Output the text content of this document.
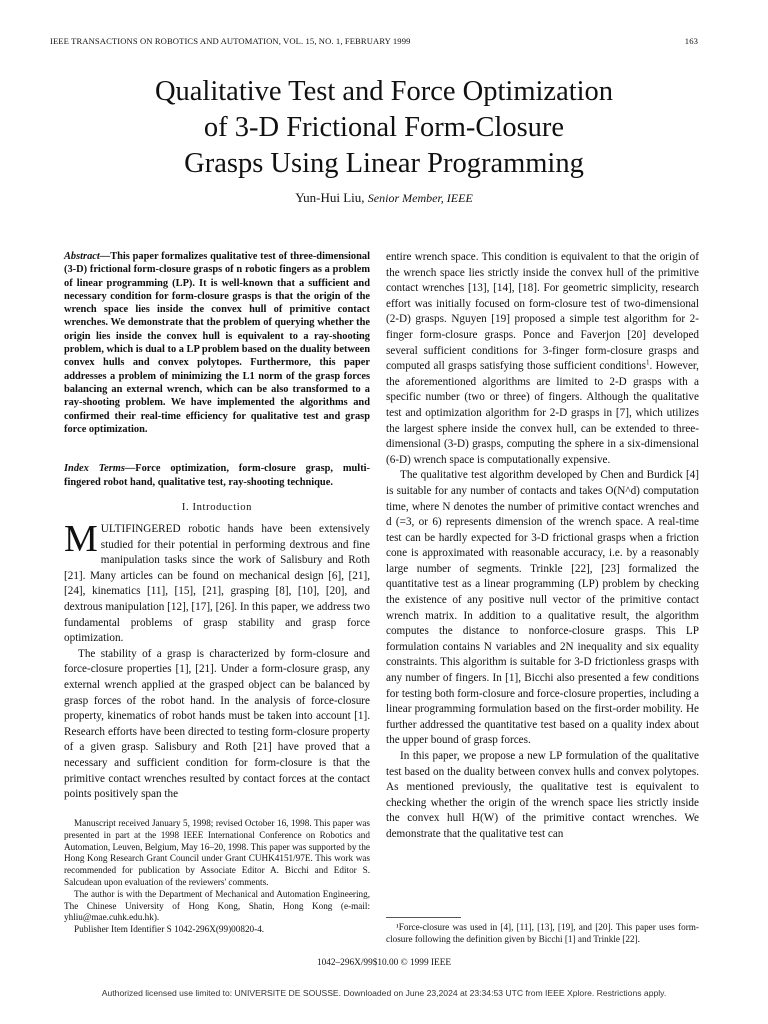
IEEE TRANSACTIONS ON ROBOTICS AND AUTOMATION, VOL. 15, NO. 1, FEBRUARY 1999	163
Qualitative Test and Force Optimization
of 3-D Frictional Form-Closure
Grasps Using Linear Programming
Yun-Hui Liu, Senior Member, IEEE

Abstract—This paper formalizes qualitative test of three-dimensional (3-D) frictional form-closure grasps of n robotic fingers as a problem of linear programming (LP). It is well-known that a sufficient and necessary condition for form-closure grasps is that the origin of the wrench space lies inside the convex hull of primitive contact wrenches. We demonstrate that the problem of querying whether the origin lies inside the convex hull is equivalent to a ray-shooting problem, which is dual to a LP problem based on the duality between convex hulls and convex polytopes. Furthermore, this paper addresses a problem of minimizing the L1 norm of the grasp forces balancing an external wrench, which can be also transformed to a ray-shooting problem. We have implemented the algorithms and confirmed their real-time efficiency for qualitative test and grasp force optimization.

Index Terms—Force optimization, form-closure grasp, multi-fingered robot hand, qualitative test, ray-shooting technique.

I. Introduction

MULTIFINGERED robotic hands have been extensively studied for their potential in performing dextrous and fine manipulation tasks since the work of Salisbury and Roth [21]. Many articles can be found on mechanical design [6], [21], [24], kinematics [11], [15], [21], grasping [8], [10], [20], and dextrous manipulation [12], [17], [26]. In this paper, we address two fundamental problems of grasp stability and grasp force optimization.

The stability of a grasp is characterized by form-closure and force-closure properties [1], [21]. Under a form-closure grasp, any external wrench applied at the grasped object can be balanced by grasp forces of the robot hand. In the analysis of force-closure property, kinematics of robot hands must be taken into account [1]. Research efforts have been directed to testing form-closure property of a given grasp. Salisbury and Roth [21] have proved that a necessary and sufficient condition for form-closure is that the primitive contact wrenches resulted by contact forces at the contact points positively span the

Manuscript received January 5, 1998; revised October 16, 1998. This paper was presented in part at the 1998 IEEE International Conference on Robotics and Automation, Leuven, Belgium, May 16–20, 1998. This paper was supported by the Hong Kong Research Grant Council under Grant CUHK4151/97E. This work was recommended for publication by Associate Editor A. Bicchi and Editor S. Salcudean upon evaluation of the reviewers' comments.

The author is with the Department of Mechanical and Automation Engineering, The Chinese University of Hong Kong, Shatin, Hong Kong (e-mail: yhliu@mae.cuhk.edu.hk).

Publisher Item Identifier S 1042-296X(99)00820-4.

entire wrench space. This condition is equivalent to that the origin of the wrench space lies strictly inside the convex hull of the primitive contact wrenches [13], [14], [18]. For geometric simplicity, research effort was initially focused on form-closure test of two-dimensional (2-D) grasps. Nguyen [19] proposed a simple test algorithm for 2-finger form-closure grasps. Ponce and Faverjon [20] developed several sufficient conditions for 3-finger form-closure grasps and computed all grasps satisfying those sufficient conditions$^1$. However, the aforementioned algorithms are limited to 2-D grasps with a specific number (two or three) of fingers. Although the qualitative test and optimization algorithm for 2-D grasps in [7], which utilizes the largest sphere inside the convex hull, can be extended to three-dimensional (3-D) grasps, computing the sphere in a six-dimensional (6-D) wrench space is computationally expensive.

The qualitative test algorithm developed by Chen and Burdick [4] is suitable for any number of contacts and takes O(N^d) computation time, where N denotes the number of primitive contact wrenches and d (=3, or 6) represents dimension of the wrench space. A real-time test can be hardly expected for 3-D frictional grasps when a friction cone is approximated with reasonable accuracy, i.e. by a reasonably large number of segments. Trinkle [22], [23] formalized the quantitative test as a linear programming (LP) problem by checking the existence of any positive null vector of the primitive contact wrench matrix. In addition to a qualitative result, the algorithm computes the distance to nonforce-closure grasps. This LP formulation contains N variables and 2N inequality and six equality constraints. This algorithm is suitable for 3-D frictionless grasps with any number of fingers. In [1], Bicchi also presented a few conditions for testing both form-closure and force-closure properties, including a linear programming formulation based on the first-order mobility. He further addressed the quantitative test based on a quality index about the upper bound of grasp forces.

In this paper, we propose a new LP formulation of the qualitative test based on the duality between convex hulls and convex polytopes. As mentioned previously, the qualitative test is equivalent to checking whether the origin of the wrench space lies strictly inside the convex hull H(W) of the primitive contact wrenches. We demonstrate that the qualitative test can

¹Force-closure was used in [4], [11], [13], [19], and [20]. This paper uses form-closure following the definition given by Bicchi [1] and Trinkle [22].
1042–296X/99$10.00 © 1999 IEEE
Authorized licensed use limited to: UNIVERSITE DE SOUSSE. Downloaded on June 23,2024 at 23:34:53 UTC from IEEE Xplore. Restrictions apply.
